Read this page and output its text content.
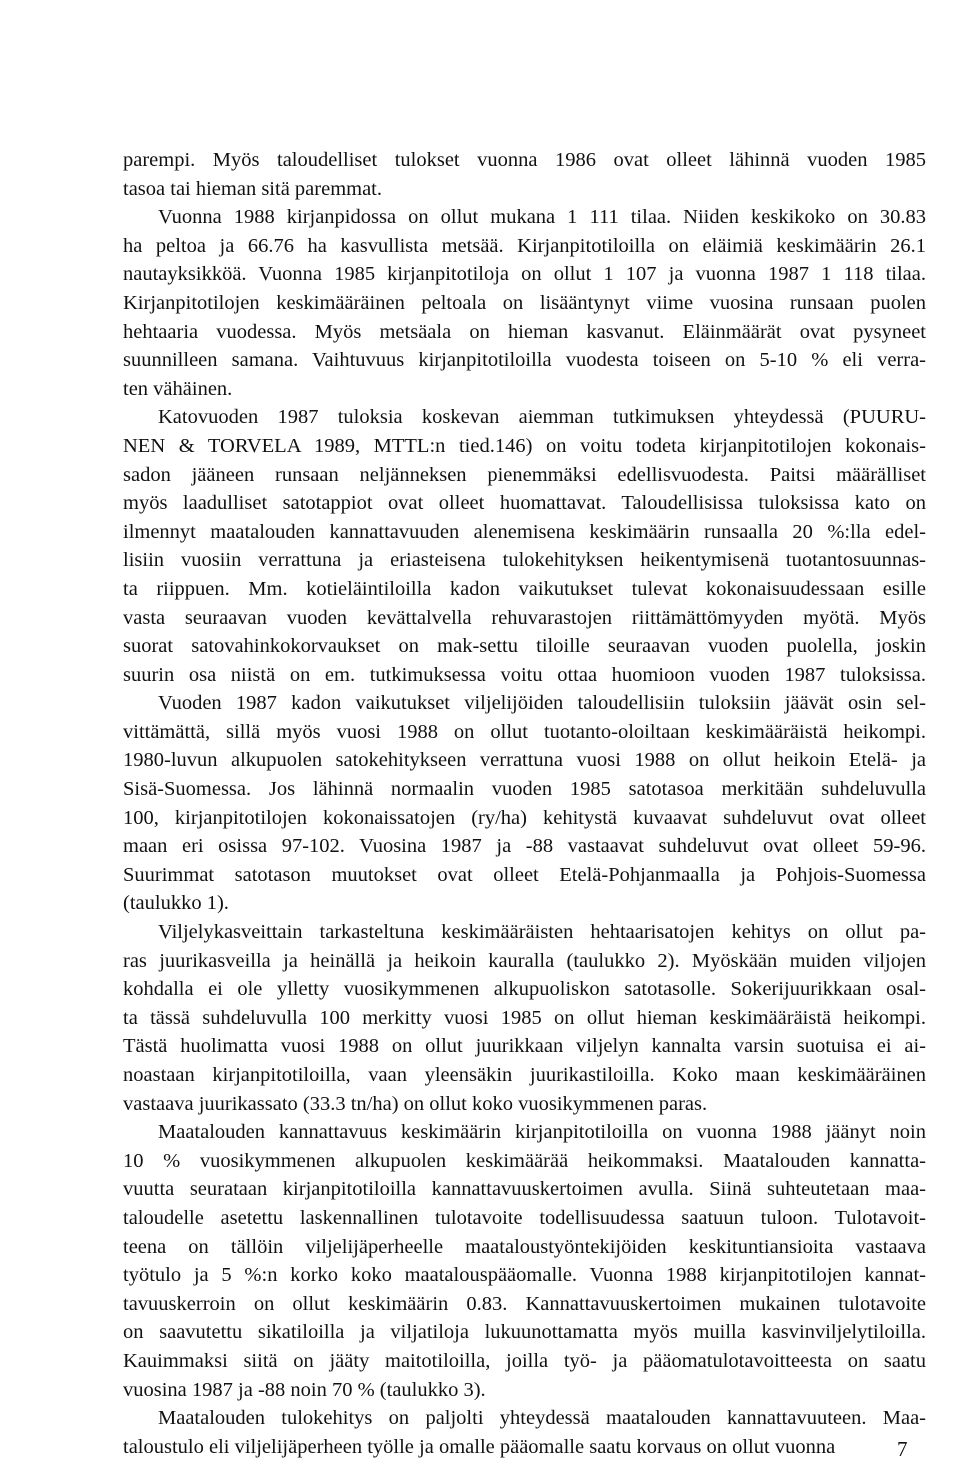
parempi. Myös taloudelliset tulokset vuonna 1986 ovat olleet lähinnä vuoden 1985
tasoa tai hieman sitä paremmat.
Vuonna 1988 kirjanpidossa on ollut mukana 1 111 tilaa. Niiden keskikoko on 30.83
ha peltoa ja 66.76 ha kasvullista metsää. Kirjanpitotiloilla on eläimiä keskimäärin 26.1
nautayksikköä. Vuonna 1985 kirjanpitotiloja on ollut 1 107 ja vuonna 1987 1 118 tilaa.
Kirjanpitotilojen keskimääräinen peltoala on lisääntynyt viime vuosina runsaan puolen
hehtaaria vuodessa. Myös metsäala on hieman kasvanut. Eläinmäärät ovat pysyneet
suunnilleen samana. Vaihtuvuus kirjanpitotiloilla vuodesta toiseen on 5-10 % eli verra-
ten vähäinen.
Katovuoden 1987 tuloksia koskevan aiemman tutkimuksen yhteydessä (PUURU-
NEN & TORVELA 1989, MTTL:n tied.146) on voitu todeta kirjanpitotilojen kokonais-
sadon jääneen runsaan neljänneksen pienemmäksi edellisvuodesta. Paitsi määrälliset
myös laadulliset satotappiot ovat olleet huomattavat. Taloudellisissa tuloksissa kato on
ilmennyt maatalouden kannattavuuden alenemisena keskimäärin runsaalla 20 %:lla edel-
lisiin vuosiin verrattuna ja eriasteisena tulokehityksen heikentymisenä tuotantosuunnas-
ta riippuen. Mm. kotieläintiloilla kadon vaikutukset tulevat kokonaisuudessaan esille
vasta seuraavan vuoden kevättalvella rehuvarastojen riittämättömyyden myötä. Myös
suorat satovahinkokorvaukset on mak-settu tiloille seuraavan vuoden puolella, joskin
suurin osa niistä on em. tutkimuksessa voitu ottaa huomioon vuoden 1987 tuloksissa.
Vuoden 1987 kadon vaikutukset viljelijöiden taloudellisiin tuloksiin jäävät osin sel-
vittämättä, sillä myös vuosi 1988 on ollut tuotanto-oloiltaan keskimääräistä heikompi.
1980-luvun alkupuolen satokehitykseen verrattuna vuosi 1988 on ollut heikoin Etelä- ja
Sisä-Suomessa. Jos lähinnä normaalin vuoden 1985 satotasoa merkitään suhdeluvulla
100, kirjanpitotilojen kokonaissatojen (ry/ha) kehitystä kuvaavat suhdeluvut ovat olleet
maan eri osissa 97-102. Vuosina 1987 ja -88 vastaavat suhdeluvut ovat olleet 59-96.
Suurimmat satotason muutokset ovat olleet Etelä-Pohjanmaalla ja Pohjois-Suomessa
(taulukko 1).
Viljelykasveittain tarkasteltuna keskimääräisten hehtaarisatojen kehitys on ollut pa-
ras juurikasveilla ja heinällä ja heikoin kauralla (taulukko 2). Myöskään muiden viljojen
kohdalla ei ole ylletty vuosikymmenen alkupuoliskon satotasolle. Sokerijuurikkaan osal-
ta tässä suhdeluvulla 100 merkitty vuosi 1985 on ollut hieman keskimääräistä heikompi.
Tästä huolimatta vuosi 1988 on ollut juurikkaan viljelyn kannalta varsin suotuisa ei ai-
noastaan kirjanpitotiloilla, vaan yleensäkin juurikastiloilla. Koko maan keskimääräinen
vastaava juurikassato (33.3 tn/ha) on ollut koko vuosikymmenen paras.
Maatalouden kannattavuus keskimäärin kirjanpitotiloilla on vuonna 1988 jäänyt noin
10 % vuosikymmenen alkupuolen keskimäärää heikommaksi. Maatalouden kannatta-
vuutta seurataan kirjanpitotiloilla kannattavuuskertoimen avulla. Siinä suhteutetaan maa-
taloudelle asetettu laskennallinen tulotavoite todellisuudessa saatuun tuloon. Tulotavoit-
teena on tällöin viljelijäperheelle maataloustyöntekijöiden keskituntiansioita vastaava
työtulo ja 5 %:n korko koko maatalouspääomalle. Vuonna 1988 kirjanpitotilojen kannat-
tavuuskerroin on ollut keskimäärin 0.83. Kannattavuuskertoimen mukainen tulotavoite
on saavutettu sikatiloilla ja viljatiloja lukuunottamatta myös muilla kasvinviljelytiloilla.
Kauimmaksi siitä on jääty maitotiloilla, joilla työ- ja pääomatulotavoitteesta on saatu
vuosina 1987 ja -88 noin 70 % (taulukko 3).
Maatalouden tulokehitys on paljolti yhteydessä maatalouden kannattavuuteen. Maa-
taloustulo eli viljelijäperheen työlle ja omalle pääomalle saatu korvaus on ollut vuonna	7
